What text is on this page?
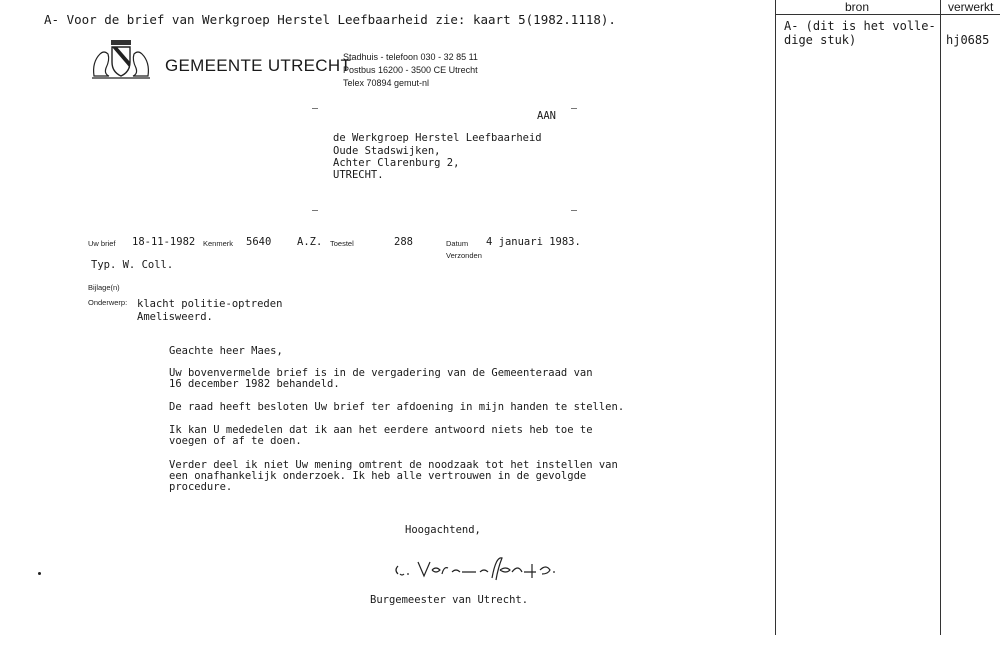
A- Voor de brief van Werkgroep Herstel Leefbaarheid zie: kaart 5(1982.1118).
bron	verwerkt
A- (dit is het volle-
dige stuk)	hj0685
GEMEENTE UTRECHT
Stadhuis - telefoon 030 - 32 85 11
Postbus 16200 - 3500 CE Utrecht
Telex 70894 gemut-nl
AAN
de Werkgroep Herstel Leefbaarheid
Oude Stadswijken,
Achter Clarenburg 2,
UTRECHT.
Uw brief 18-11-1982 Kenmerk 5640 A.Z. Toestel	288	Datum 4 januari 1983.
Verzonden
Typ. W. Coll.
Bijlage(n)
Onderwerp: klacht politie-optreden
Amelisweerd.
Geachte heer Maes,
Uw bovenvermelde brief is in de vergadering van de Gemeenteraad van
16 december 1982 behandeld.
De raad heeft besloten Uw brief ter afdoening in mijn handen te stellen.
Ik kan U mededelen dat ik aan het eerdere antwoord niets heb toe te
voegen of af te doen.
Verder deel ik niet Uw mening omtrent de noodzaak tot het instellen van
een onafhankelijk onderzoek. Ik heb alle vertrouwen in de gevolgde
procedure.
Hoogachtend,
Burgemeester van Utrecht.
